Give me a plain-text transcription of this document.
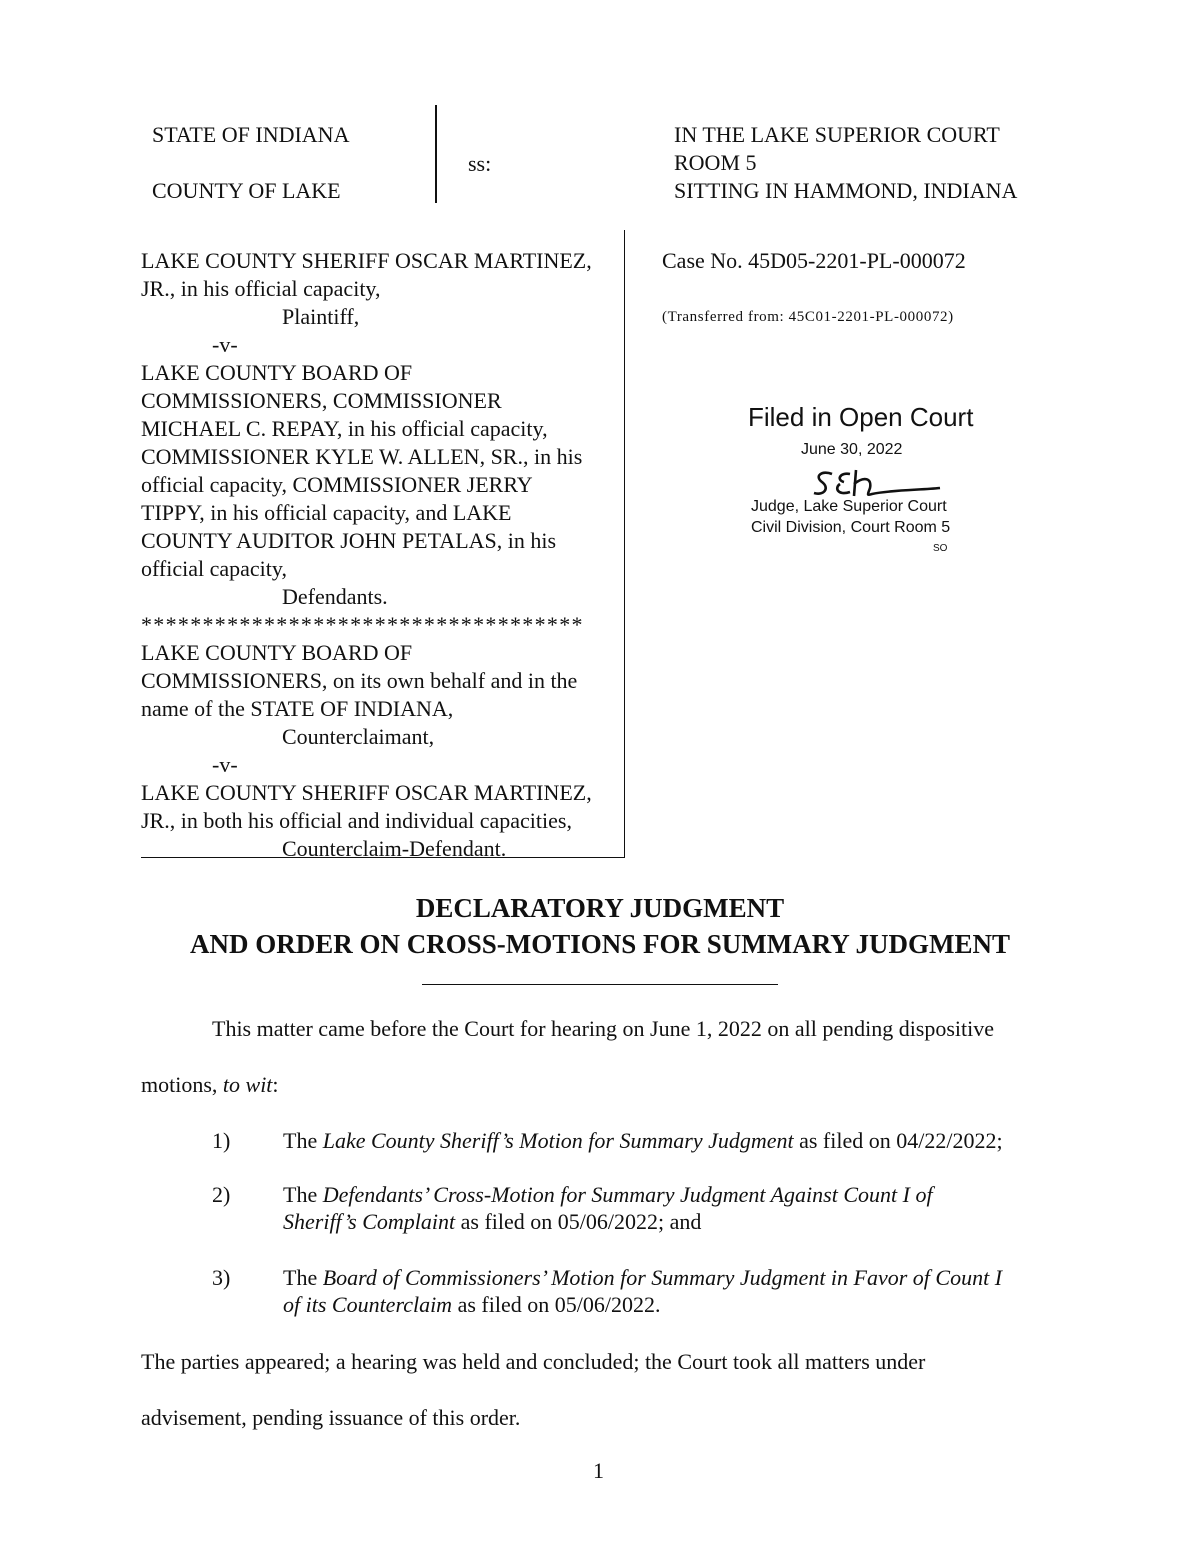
STATE OF INDIANA
COUNTY OF LAKE
ss:
IN THE LAKE SUPERIOR COURT
ROOM 5
SITTING IN HAMMOND, INDIANA
LAKE COUNTY SHERIFF OSCAR MARTINEZ,
JR., in his official capacity,
Plaintiff,
-v-
LAKE COUNTY BOARD OF
COMMISSIONERS, COMMISSIONER
MICHAEL C. REPAY, in his official capacity,
COMMISSIONER KYLE W. ALLEN, SR., in his
official capacity, COMMISSIONER JERRY
TIPPY, in his official capacity, and LAKE
COUNTY AUDITOR JOHN PETALAS, in his
official capacity,
Defendants.
************************************
LAKE COUNTY BOARD OF
COMMISSIONERS, on its own behalf and in the
name of the STATE OF INDIANA,
Counterclaimant,
-v-
LAKE COUNTY SHERIFF OSCAR MARTINEZ,
JR., in both his official and individual capacities,
Counterclaim-Defendant.
Case No. 45D05-2201-PL-000072
(Transferred from: 45C01-2201-PL-000072)
Filed in Open Court
June 30, 2022
Judge, Lake Superior Court
Civil Division, Court Room 5
SO
DECLARATORY JUDGMENT
AND ORDER ON CROSS-MOTIONS FOR SUMMARY JUDGMENT
This matter came before the Court for hearing on June 1, 2022 on all pending dispositive
motions, to wit:
1) The Lake County Sheriff’s Motion for Summary Judgment as filed on 04/22/2022;
2) The Defendants’ Cross-Motion for Summary Judgment Against Count I of
Sheriff’s Complaint as filed on 05/06/2022; and
3) The Board of Commissioners’ Motion for Summary Judgment in Favor of Count I
of its Counterclaim as filed on 05/06/2022.
The parties appeared; a hearing was held and concluded; the Court took all matters under
advisement, pending issuance of this order.
1
